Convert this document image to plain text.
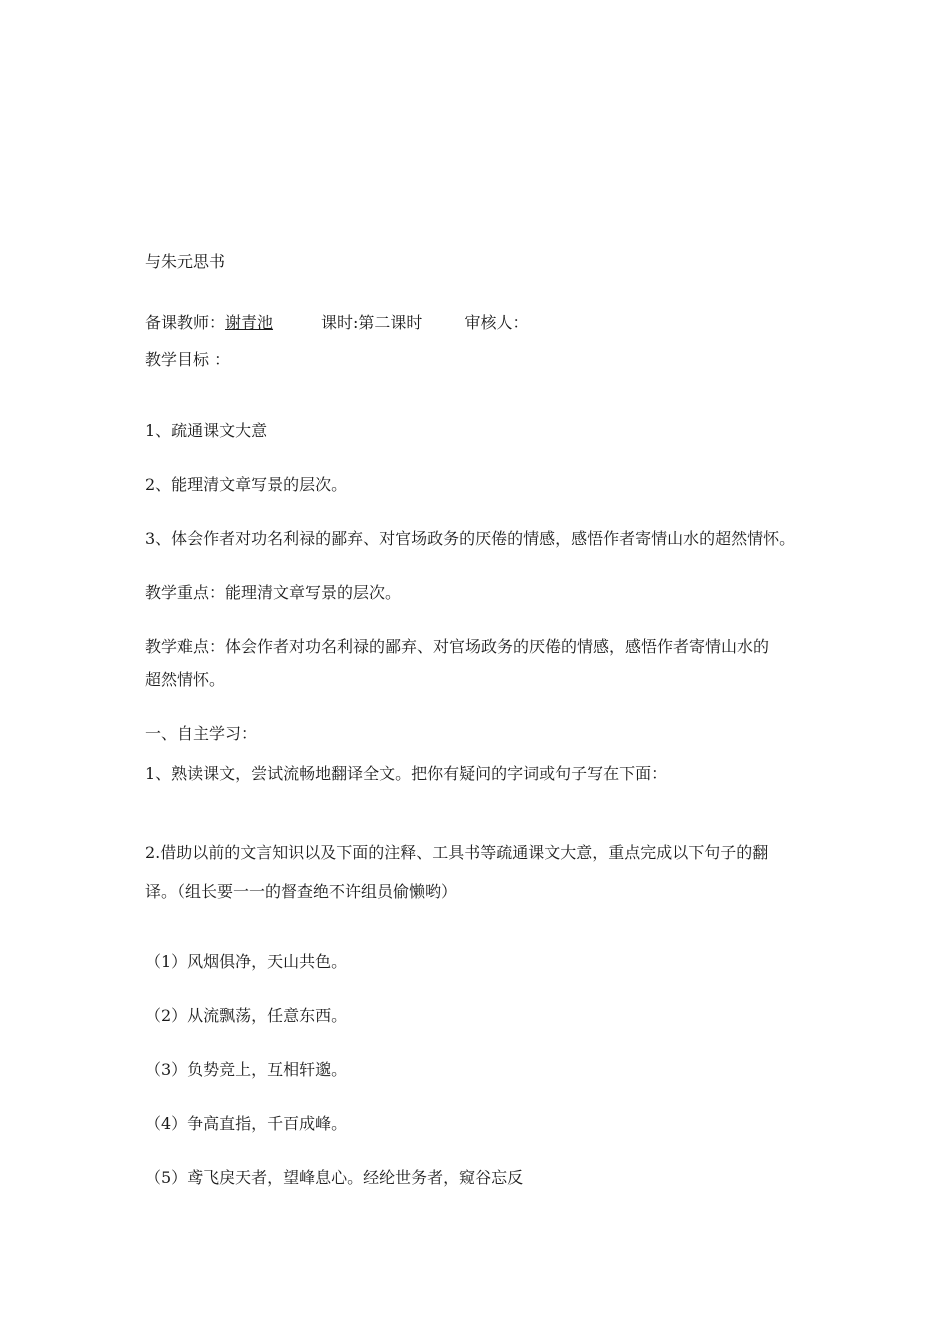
与朱元思书
备课教师：谢青池	课时:第二课时	审核人：
教学目标 ：
1、疏通课文大意
2、能理清文章写景的层次。
3、体会作者对功名利禄的鄙弃、对官场政务的厌倦的情感，感悟作者寄情山水的超然情怀。
教学重点：能理清文章写景的层次。
教学难点：体会作者对功名利禄的鄙弃、对官场政务的厌倦的情感，感悟作者寄情山水的
超然情怀。
一、自主学习：
1、熟读课文，尝试流畅地翻译全文。把你有疑问的字词或句子写在下面：
2.借助以前的文言知识以及下面的注释、工具书等疏通课文大意，重点完成以下句子的翻
译。（组长要一一的督查绝不许组员偷懒哟）
（1）风烟俱净，天山共色。
（2）从流飘荡，任意东西。
（3）负势竞上，互相轩邈。
（4）争高直指，千百成峰。
（5）鸢飞戾天者，望峰息心。经纶世务者，窥谷忘反
